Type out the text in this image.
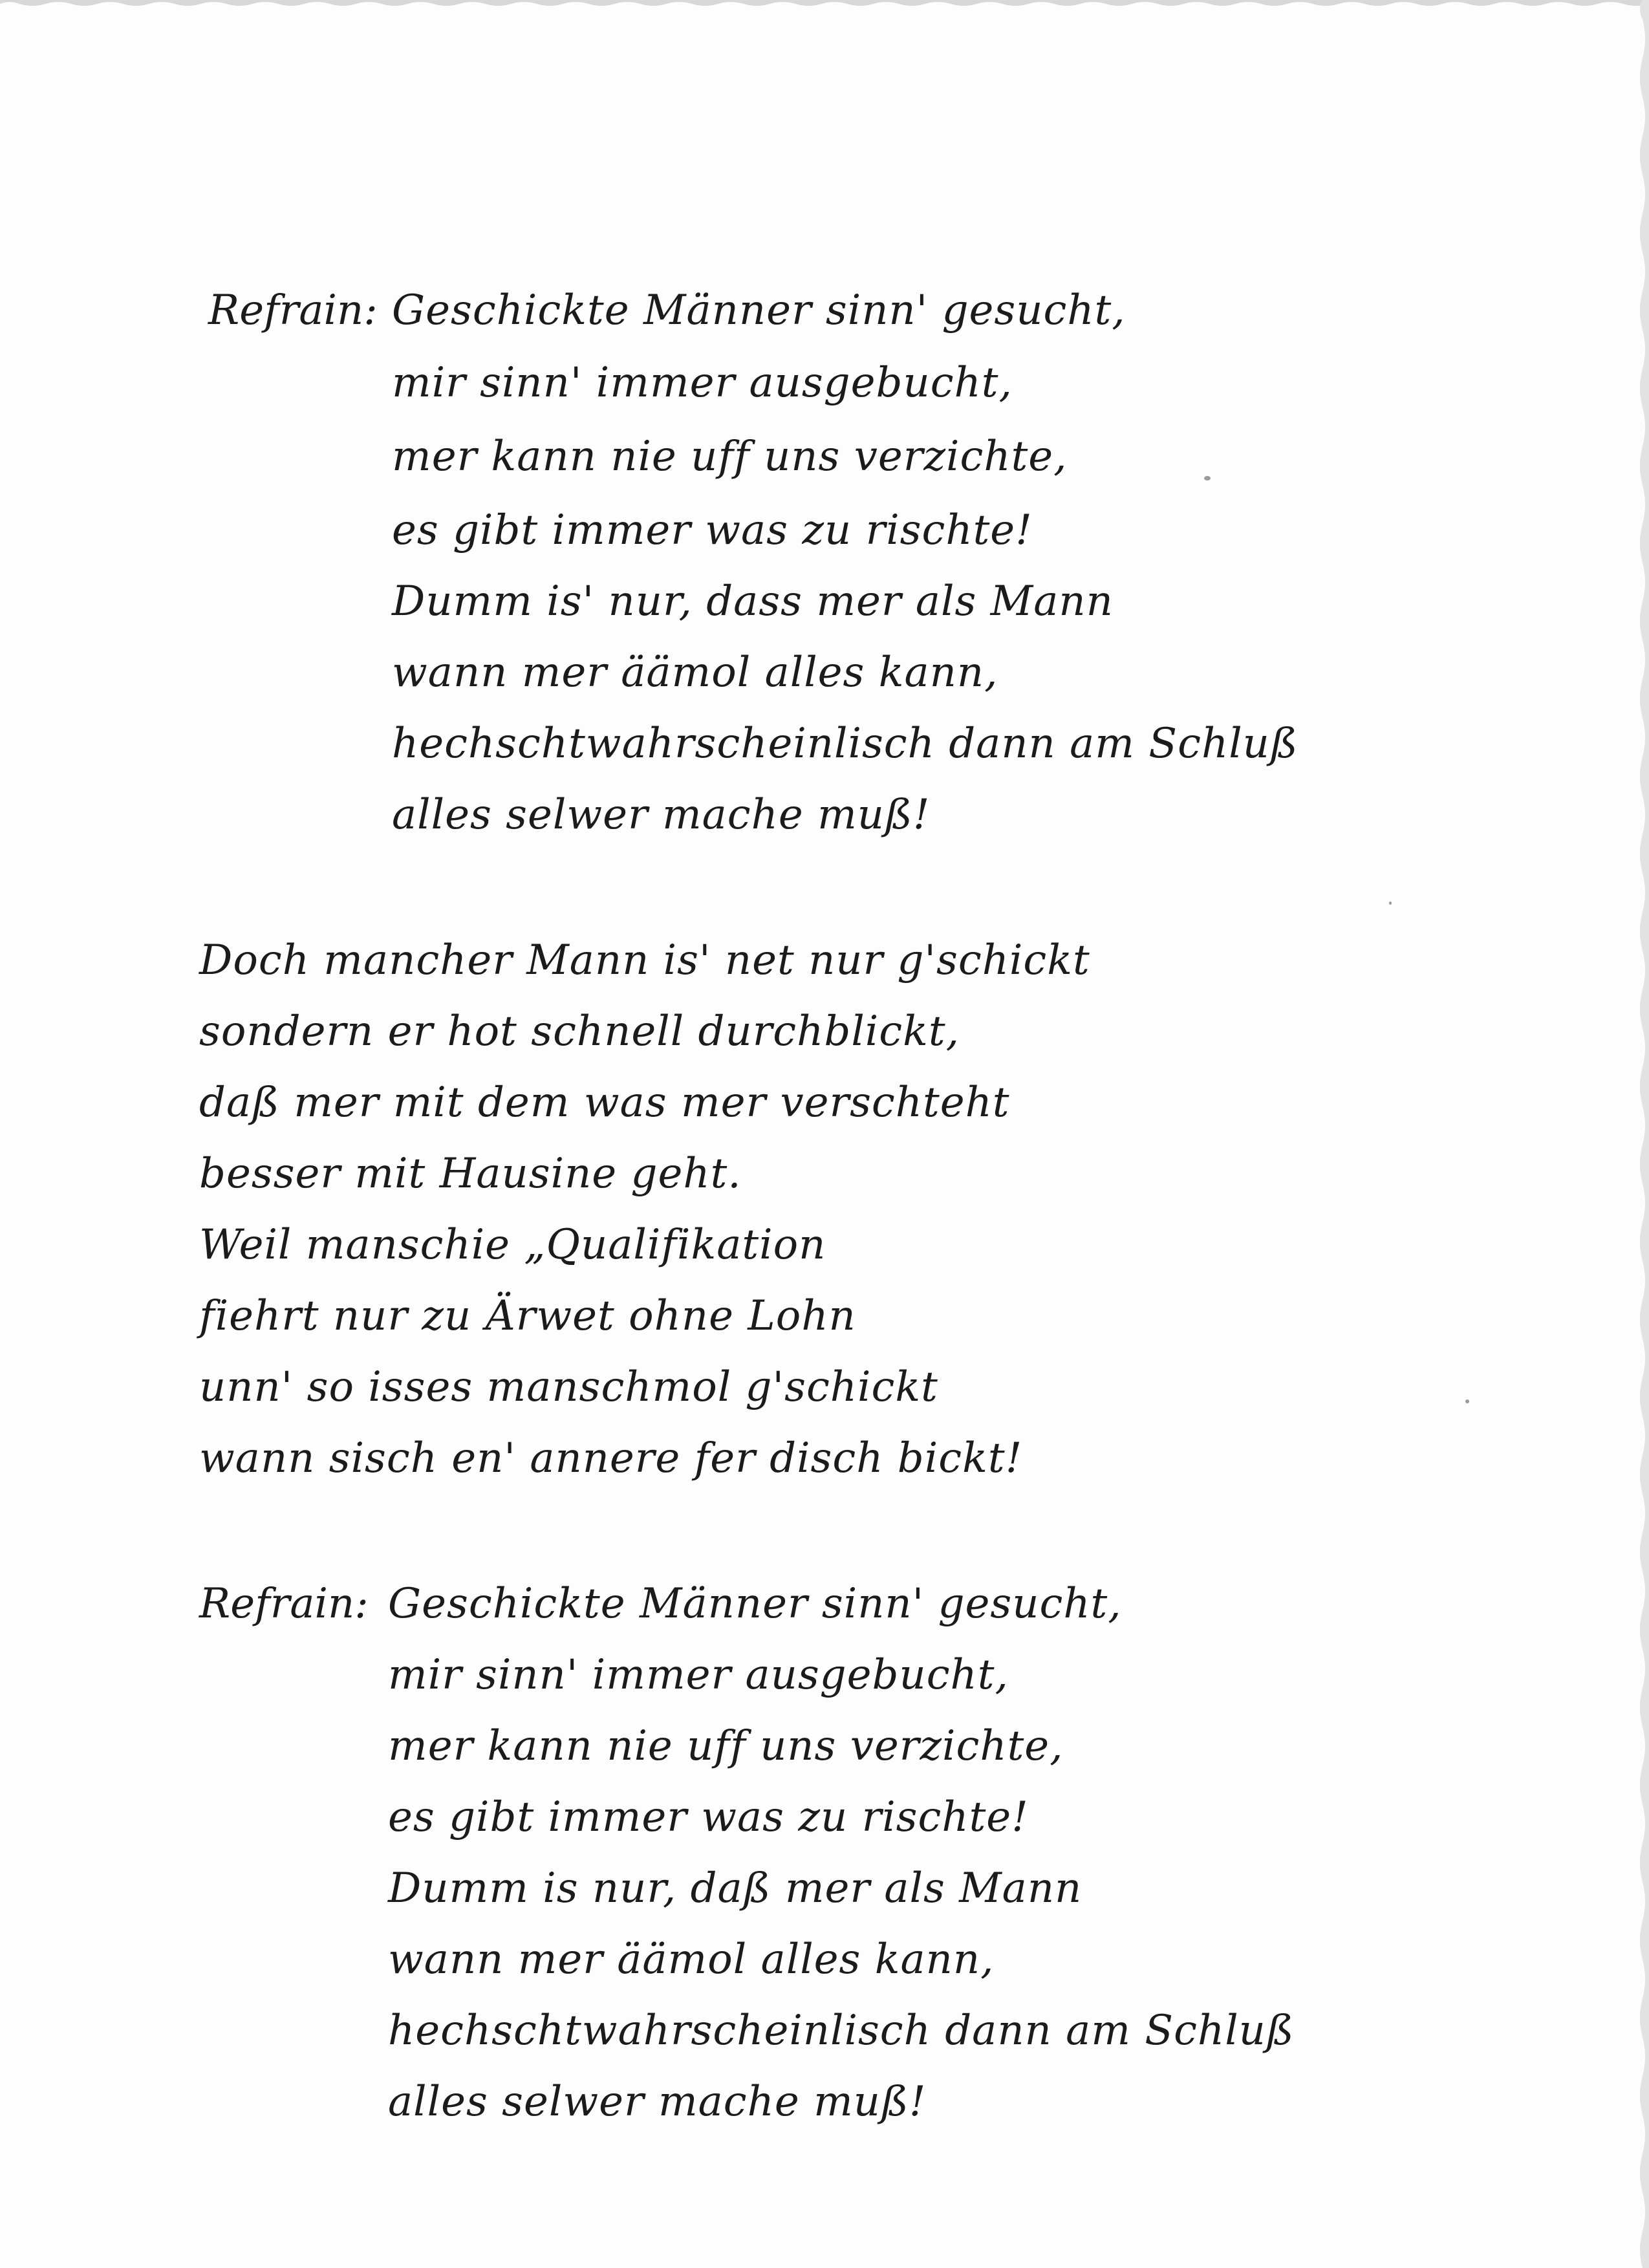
Refrain: Geschickte Männer sinn' gesucht,
mir sinn' immer ausgebucht,
mer kann nie uff uns verzichte,
es gibt immer was zu rischte!
Dumm is' nur, dass mer als Mann
wann mer äämol alles kann,
hechschtwahrscheinlisch dann am Schluß
alles selwer mache muß!
Doch mancher Mann is' net nur g'schickt
sondern er hot schnell durchblickt,
daß mer mit dem was mer verschteht
besser mit Hausine geht.
Weil manschie „Qualifikation
fiehrt nur zu Ärwet ohne Lohn
unn' so isses manschmol g'schickt
wann sisch en' annere fer disch bickt!
Refrain: Geschickte Männer sinn' gesucht,
mir sinn' immer ausgebucht,
mer kann nie uff uns verzichte,
es gibt immer was zu rischte!
Dumm is nur, daß mer als Mann
wann mer äämol alles kann,
hechschtwahrscheinlisch dann am Schluß
alles selwer mache muß!
